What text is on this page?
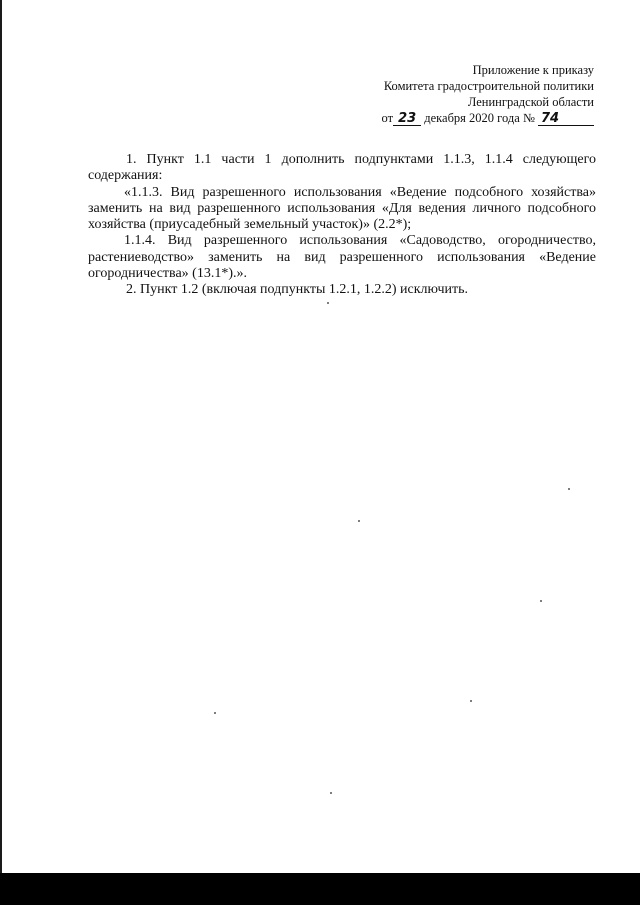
Приложение к приказу
Комитета градостроительной политики
Ленинградской области
от 23 декабря 2020 года № 74

1. Пункт 1.1 части 1 дополнить подпунктами 1.1.3, 1.1.4 следующего содержания:

«1.1.3. Вид разрешенного использования «Ведение подсобного хозяйства» заменить на вид разрешенного использования «Для ведения личного подсобного хозяйства (приусадебный земельный участок)» (2.2*);

1.1.4. Вид разрешенного использования «Садоводство, огородничество, растениеводство» заменить на вид разрешенного использования «Ведение огородничества» (13.1*).».

2. Пункт 1.2 (включая подпункты 1.2.1, 1.2.2) исключить.
